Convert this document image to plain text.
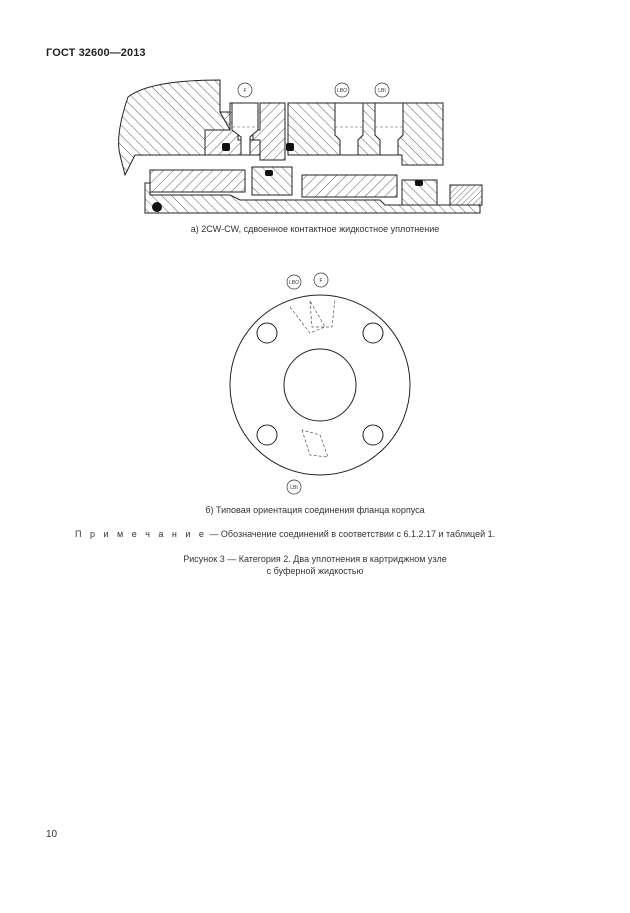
ГОСТ 32600—2013
F	LBO	LBI
а) 2CW-CW, сдвоенное контактное жидкостное уплотнение
LBO	F
LBI
б) Типовая ориентация соединения фланца корпуса
П р и м е ч а н и е — Обозначение соединений в соответствии с 6.1.2.17 и таблицей 1.
Рисунок 3 — Категория 2. Два уплотнения в картриджном узле
с буферной жидкостью
10
